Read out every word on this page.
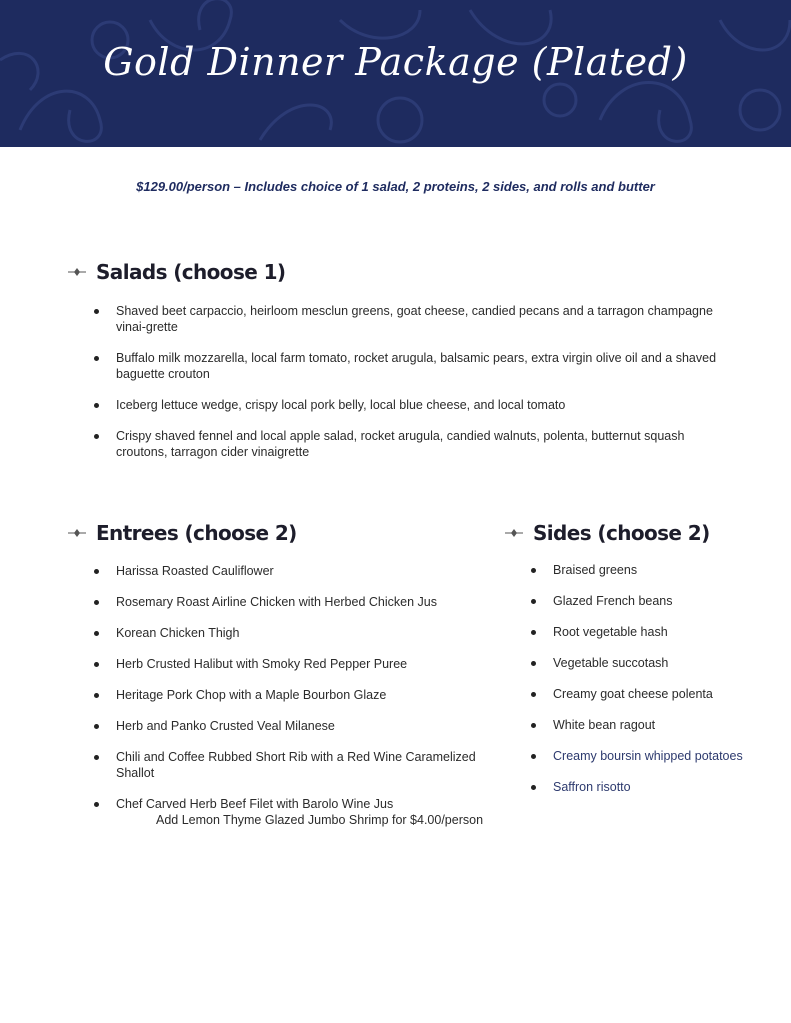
Gold Dinner Package (Plated)
$129.00/person – Includes choice of 1 salad, 2 proteins, 2 sides, and rolls and butter
Salads (choose 1)
Shaved beet carpaccio, heirloom mesclun greens, goat cheese, candied pecans and a tarragon champagne vinai-grette
Buffalo milk mozzarella, local farm tomato, rocket arugula, balsamic pears, extra virgin olive oil and a shaved baguette crouton
Iceberg lettuce wedge, crispy local pork belly, local blue cheese, and local tomato
Crispy shaved fennel and local apple salad, rocket arugula, candied walnuts, polenta, butternut squash croutons, tarragon cider vinaigrette
Entrees (choose 2)
Harissa Roasted Cauliflower
Rosemary Roast Airline Chicken with Herbed Chicken Jus
Korean Chicken Thigh
Herb Crusted Halibut with Smoky Red Pepper Puree
Heritage Pork Chop with a Maple Bourbon Glaze
Herb and Panko Crusted Veal Milanese
Chili and Coffee Rubbed Short Rib with a Red Wine Caramelized Shallot
Chef Carved Herb Beef Filet with Barolo Wine Jus
Add Lemon Thyme Glazed Jumbo Shrimp for $4.00/person
Sides (choose 2)
Braised greens
Glazed French beans
Root vegetable hash
Vegetable succotash
Creamy goat cheese polenta
White bean ragout
Creamy boursin whipped potatoes
Saffron risotto
